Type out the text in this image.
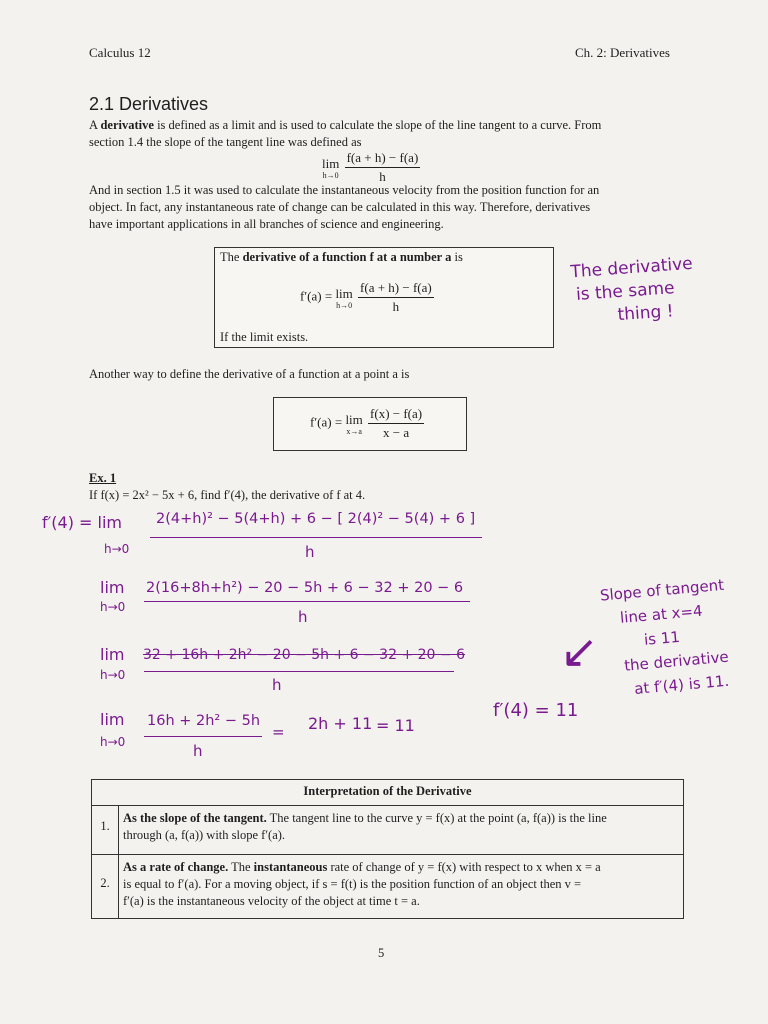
Calculus 12	Ch. 2: Derivatives
2.1 Derivatives
A derivative is defined as a limit and is used to calculate the slope of the line tangent to a curve. From
section 1.4 the slope of the tangent line was defined as
lim
h→0
$\frac{f(a + h) - f(a)}{h}$
And in section 1.5 it was used to calculate the instantaneous velocity from the position function for an
object. In fact, any instantaneous rate of change can be calculated in this way. Therefore, derivatives
have important applications in all branches of science and engineering.
The derivative of a function f at a number a is
f′(a) = lim
h→0
$\frac{f(a + h) - f(a)}{h}$
If the limit exists.
The derivative
is the same
thing !
Another way to define the derivative of a function at a point a is
f′(a) = lim
x→a
$\frac{f(x) - f(a)}{x - a}$
Ex. 1
If f(x) = 2x² − 5x + 6, find f′(4), the derivative of f at 4.
f′(4) = lim
h→0
2(4+h)² − 5(4+h) + 6 − [ 2(4)² − 5(4) + 6 ]
h
lim
h→0
2(16+8h+h²) − 20 − 5h + 6 − 32 + 20 − 6
h
lim
h→0
32 + 16h + 2h² − 20 − 5h + 6 − 32 + 20 − 6
h
lim
h→0
16h + 2h² − 5h
h
= 2h + 11 = 11
f′(4) = 11
Slope of tangent
line at x=4
is 11
the derivative
at f′(4) is 11.
↙
Interpretation of the Derivative	
1.	As the slope of the tangent. The tangent line to the curve y = f(x) at the point (a, f(a)) is the line
through (a, f(a)) with slope f′(a).

2.	As a rate of change. The instantaneous rate of change of y = f(x) with respect to x when x = a
is equal to f′(a). For a moving object, if s = f(t) is the position function of an object then v =
f′(a) is the instantaneous velocity of the object at time t = a.
5
